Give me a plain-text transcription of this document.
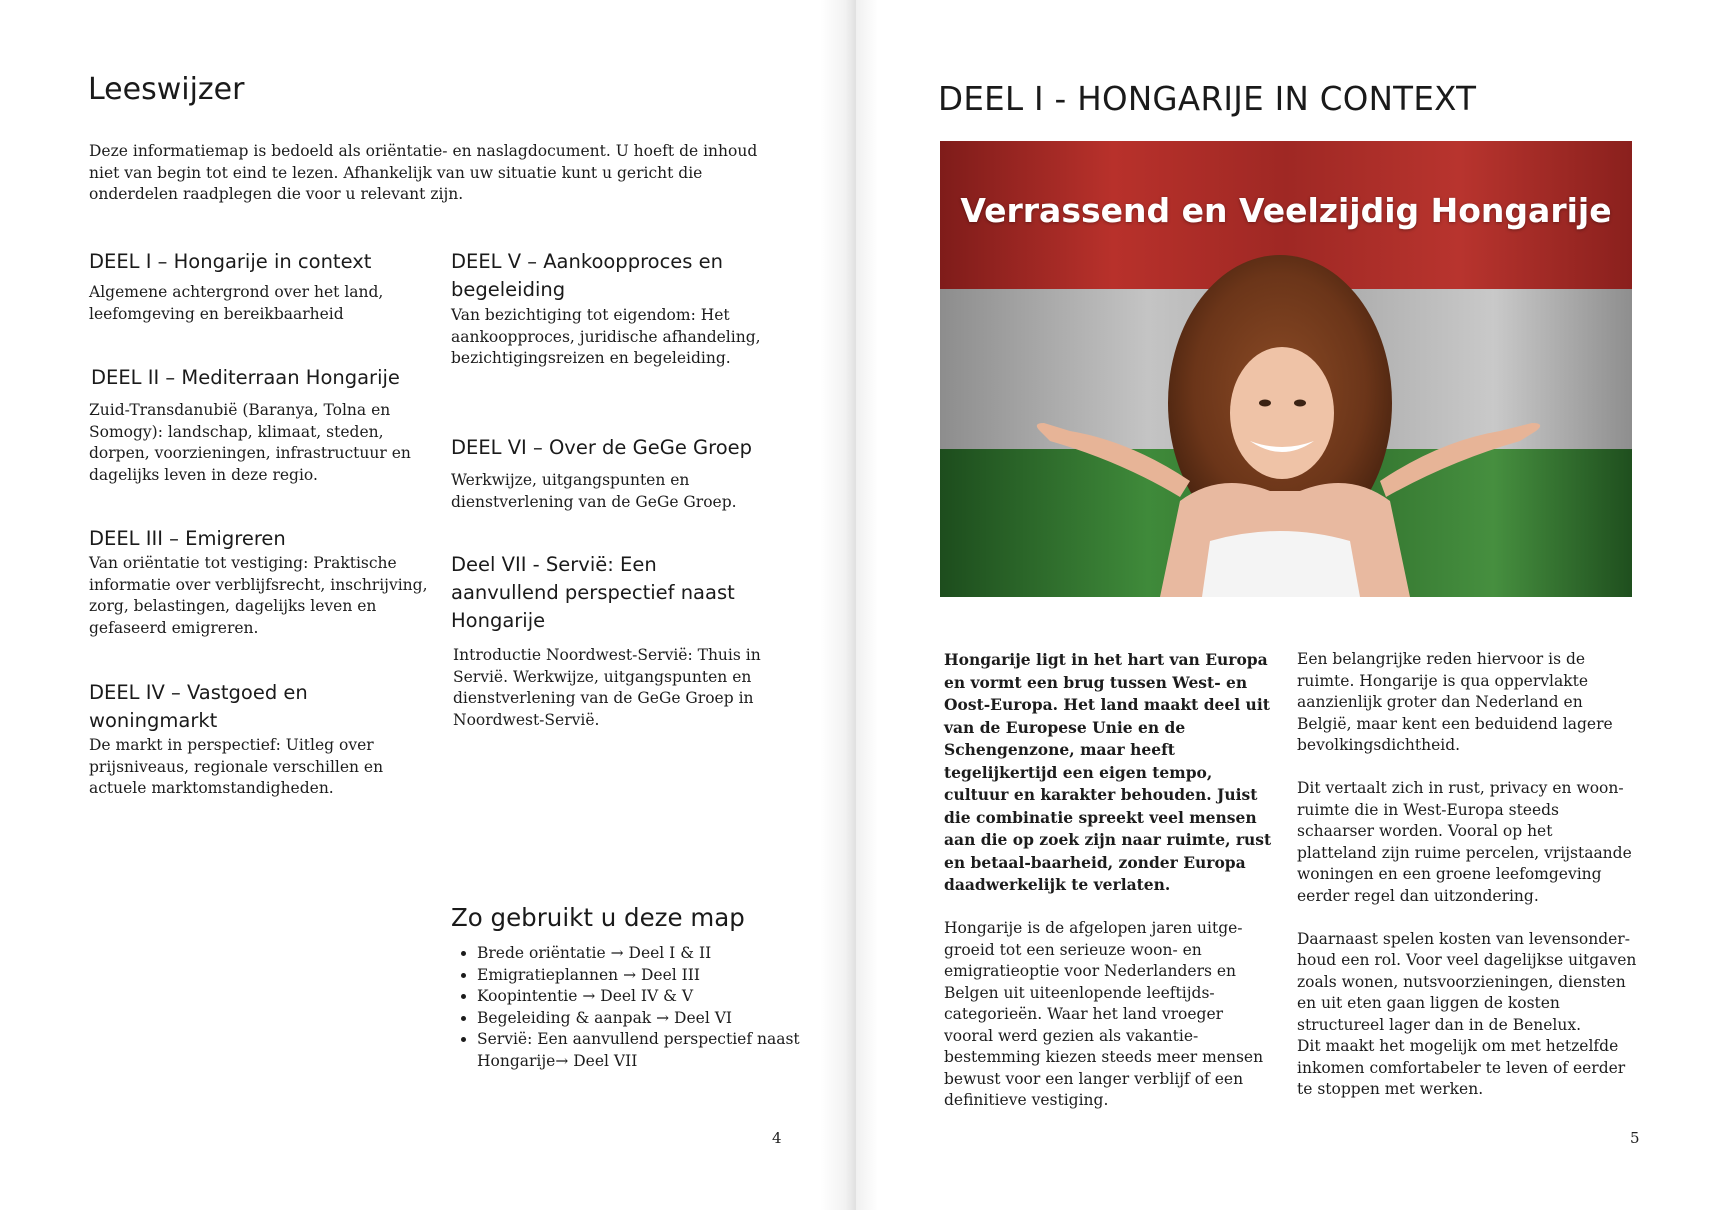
Leeswijzer

Deze informatiemap is bedoeld als oriëntatie- en naslagdocument. U hoeft de inhoud niet van begin tot eind te lezen. Afhankelijk van uw situatie kunt u gericht die onderdelen raadplegen die voor u relevant zijn.

DEEL I – Hongarije in context

Algemene achtergrond over het land, leefomgeving en bereikbaarheid

DEEL II – Mediterraan Hongarije

Zuid-Transdanubië (Baranya, Tolna en Somogy): landschap, klimaat, steden, dorpen, voorzieningen, infrastructuur en dagelijks leven in deze regio.

DEEL III – Emigreren

Van oriëntatie tot vestiging: Praktische informatie over verblijfsrecht, inschrijving, zorg, belastingen, dagelijks leven en gefaseerd emigreren.

DEEL IV – Vastgoed en woningmarkt

De markt in perspectief: Uitleg over prijsniveaus, regionale verschillen en actuele marktomstandigheden.

DEEL V – Aankoopproces en begeleiding

Van bezichtiging tot eigendom: Het aankoopproces, juridische afhandeling, bezichtigingsreizen en begeleiding.

DEEL VI – Over de GeGe Groep

Werkwijze, uitgangspunten en dienstverlening van de GeGe Groep.

Deel VII - Servië: Een aanvullend perspectief naast Hongarije

Introductie Noordwest-Servië: Thuis in Servië. Werkwijze, uitgangspunten en dienstverlening van de GeGe Groep in Noordwest-Servië.

Zo gebruikt u deze map
• Brede oriëntatie → Deel I & II
• Emigratieplannen → Deel III
• Koopintentie → Deel IV & V
• Begeleiding & aanpak → Deel VI
• Servië: Een aanvullend perspectief naast Hongarije→ Deel VII
4
DEEL I - HONGARIJE IN CONTEXT
Verrassend en Veelzijdig Hongarije

Hongarije ligt in het hart van Europa en vormt een brug tussen West- en Oost-Europa. Het land maakt deel uit van de Europese Unie en de Schengenzone, maar heeft tegelijkertijd een eigen tempo, cultuur en karakter behouden. Juist die combinatie spreekt veel mensen aan die op zoek zijn naar ruimte, rust en betaal-baarheid, zonder Europa daadwerkelijk te verlaten.

Hongarije is de afgelopen jaren uitge-groeid tot een serieuze woon- en emigratieoptie voor Nederlanders en Belgen uit uiteenlopende leeftijds-categorieën. Waar het land vroeger vooral werd gezien als vakantie-bestemming kiezen steeds meer mensen bewust voor een langer verblijf of een definitieve vestiging.

Een belangrijke reden hiervoor is de ruimte. Hongarije is qua oppervlakte aanzienlijk groter dan Nederland en België, maar kent een beduidend lagere bevolkingsdichtheid.

Dit vertaalt zich in rust, privacy en woon-ruimte die in West-Europa steeds schaarser worden. Vooral op het platteland zijn ruime percelen, vrijstaande woningen en een groene leefomgeving eerder regel dan uitzondering.

Daarnaast spelen kosten van levensonder-houd een rol. Voor veel dagelijkse uitgaven zoals wonen, nutsvoorzieningen, diensten en uit eten gaan liggen de kosten structureel lager dan in de Benelux.

Dit maakt het mogelijk om met hetzelfde inkomen comfortabeler te leven of eerder te stoppen met werken.

5
